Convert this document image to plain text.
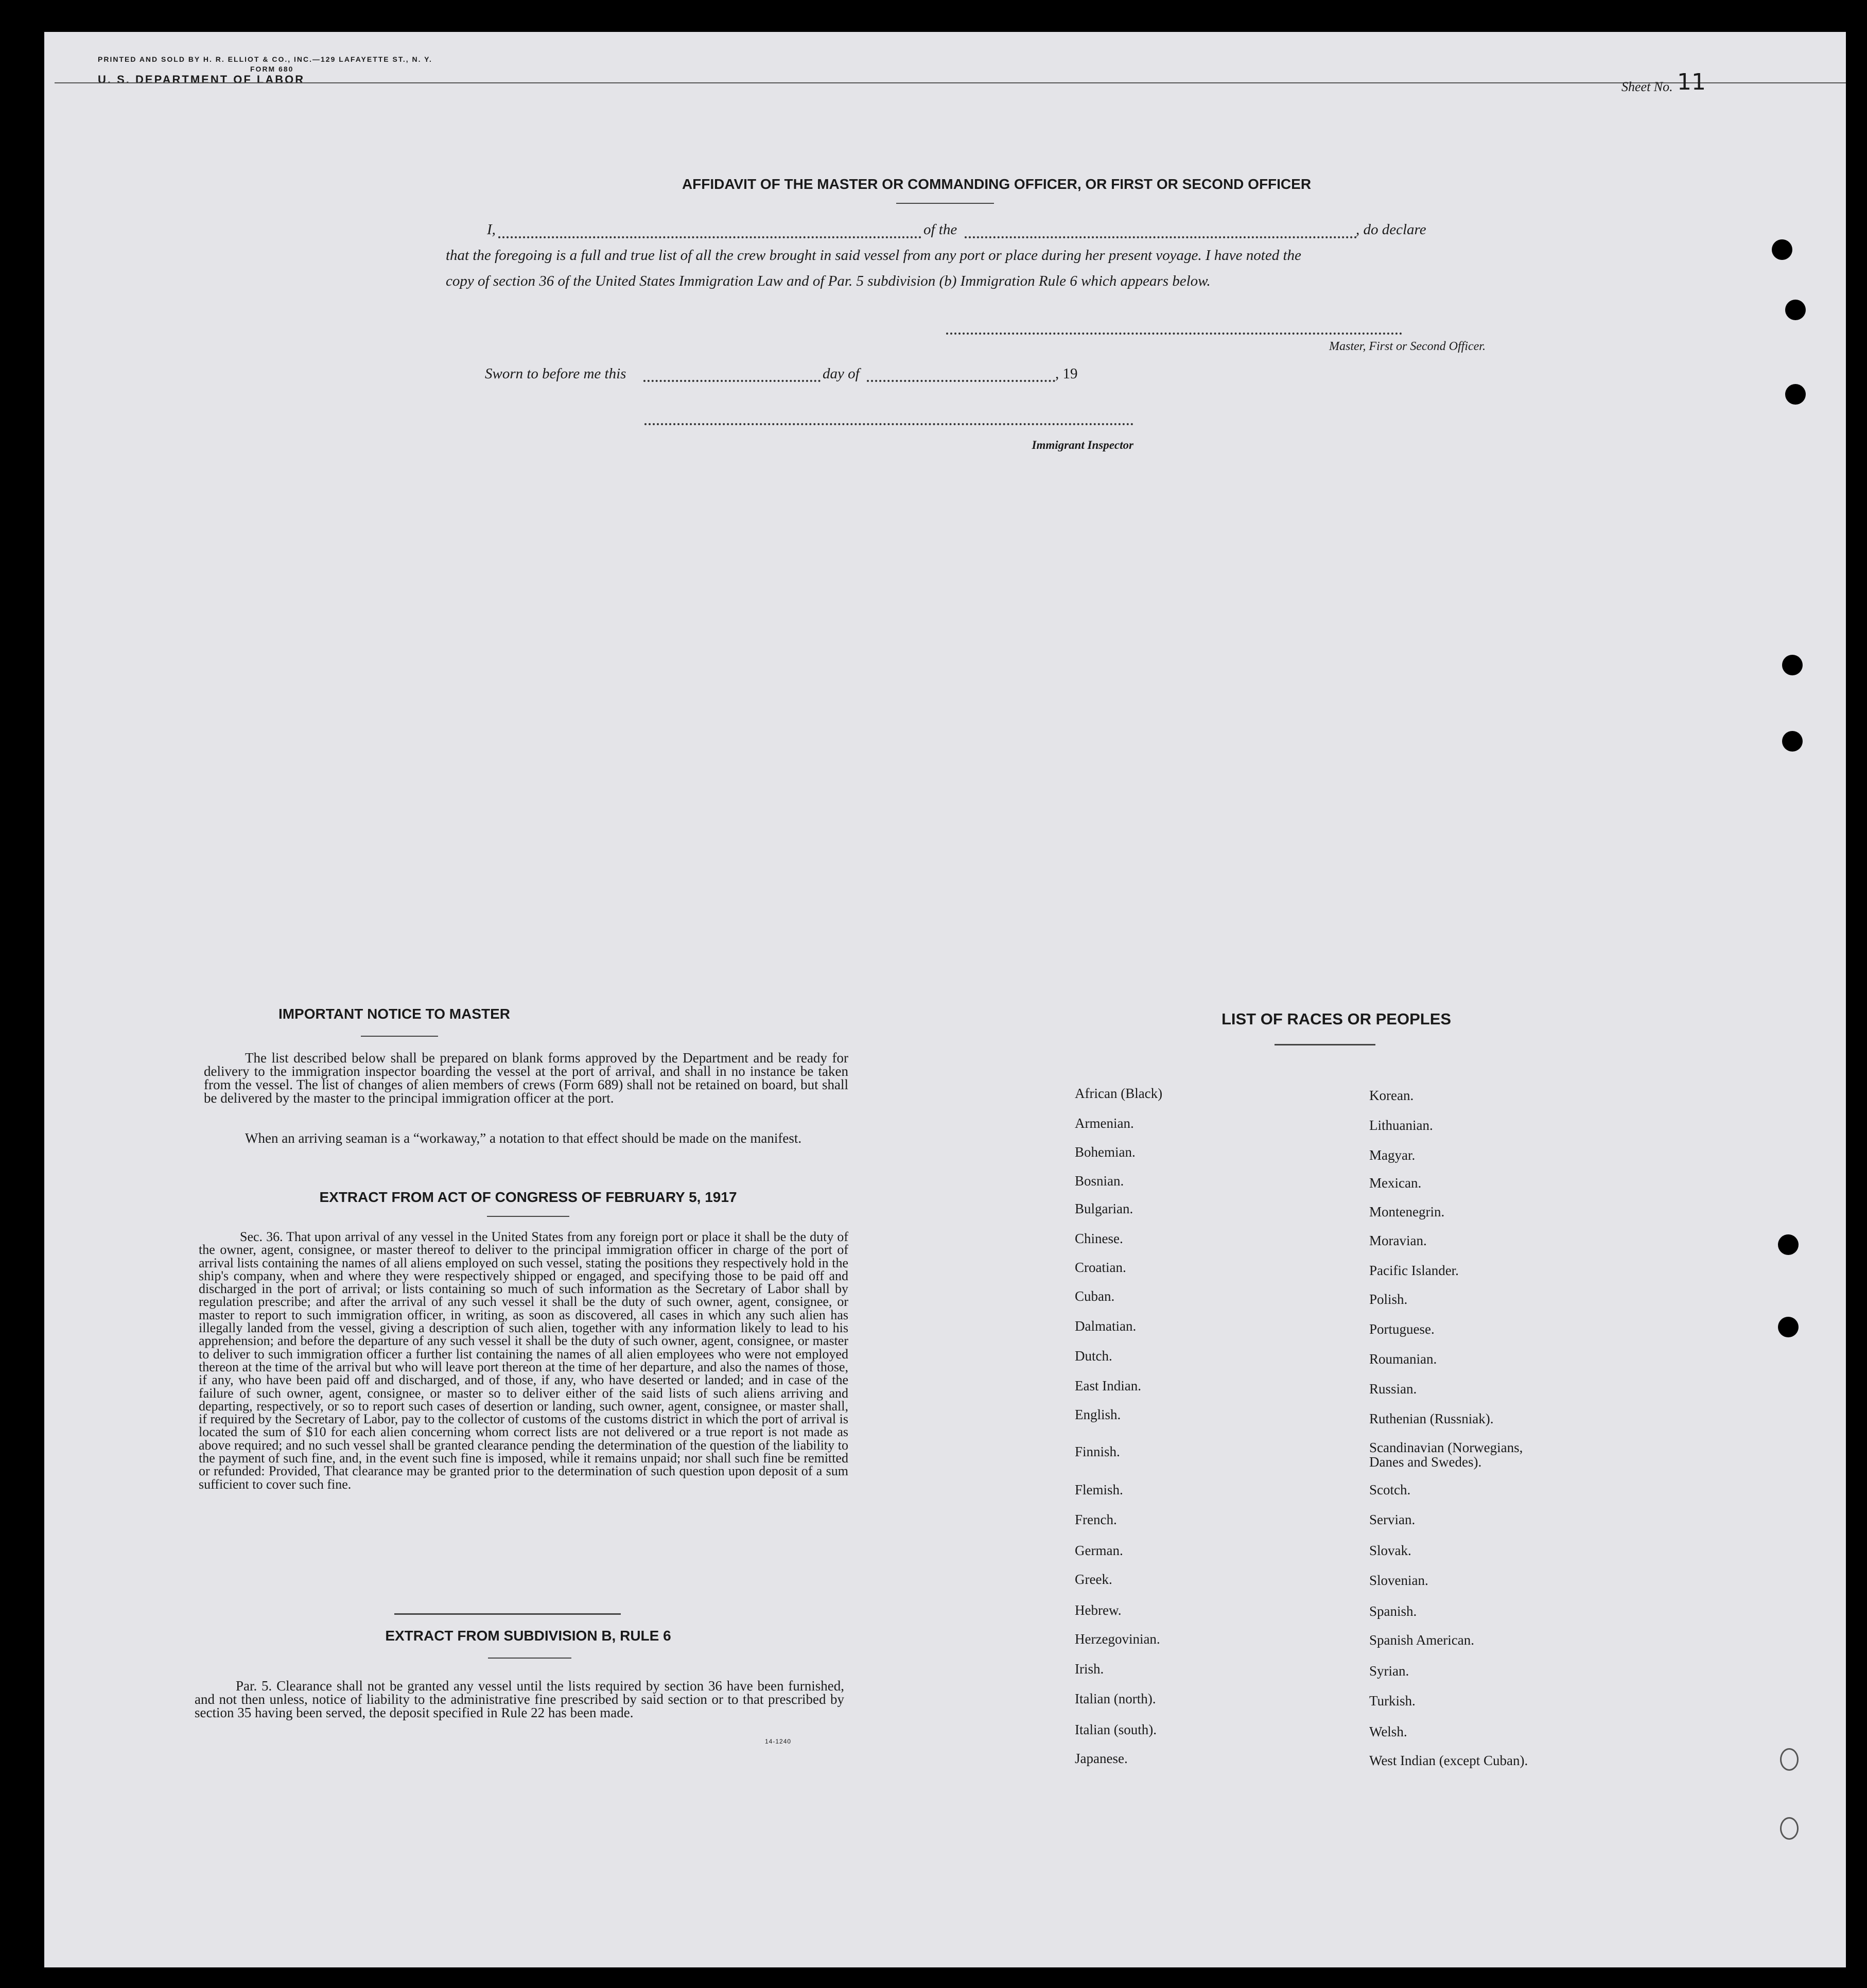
PRINTED AND SOLD BY H. R. ELLIOT & CO., INC.—129 LAFAYETTE ST., N. Y.
FORM 680
U. S. DEPARTMENT OF LABOR	Sheet No. 11
AFFIDAVIT OF THE MASTER OR COMMANDING OFFICER, OR FIRST OR SECOND OFFICER
I,	of the	, do declare
that the foregoing is a full and true list of all the crew brought in said vessel from any port or place during her present voyage. I have noted the
copy of section 36 of the United States Immigration Law and of Par. 5 subdivision (b) Immigration Rule 6 which appears below.
Master, First or Second Officer.
Sworn to before me this	day of	, 19
Immigrant Inspector
IMPORTANT NOTICE TO MASTER
The list described below shall be prepared on blank forms approved by the Department and be ready for delivery to the immigration inspector boarding the vessel at the port of arrival, and shall in no instance be taken from the vessel. The list of changes of alien members of crews (Form 689) shall not be retained on board, but shall be delivered by the master to the principal immigration officer at the port.
When an arriving seaman is a “workaway,” a notation to that effect should be made on the manifest.
EXTRACT FROM ACT OF CONGRESS OF FEBRUARY 5, 1917
Sec. 36. That upon arrival of any vessel in the United States from any foreign port or place it shall be the duty of the owner, agent, consignee, or master thereof to deliver to the principal immigration officer in charge of the port of arrival lists containing the names of all aliens employed on such vessel, stating the positions they respectively hold in the ship's company, when and where they were respectively shipped or engaged, and specifying those to be paid off and discharged in the port of arrival; or lists containing so much of such information as the Secretary of Labor shall by regulation prescribe; and after the arrival of any such vessel it shall be the duty of such owner, agent, consignee, or master to report to such immigration officer, in writing, as soon as discovered, all cases in which any such alien has illegally landed from the vessel, giving a description of such alien, together with any information likely to lead to his apprehension; and before the departure of any such vessel it shall be the duty of such owner, agent, consignee, or master to deliver to such immigration officer a further list containing the names of all alien employees who were not employed thereon at the time of the arrival but who will leave port thereon at the time of her departure, and also the names of those, if any, who have been paid off and discharged, and of those, if any, who have deserted or landed; and in case of the failure of such owner, agent, consignee, or master so to deliver either of the said lists of such aliens arriving and departing, respectively, or so to report such cases of desertion or landing, such owner, agent, consignee, or master shall, if required by the Secretary of Labor, pay to the collector of customs of the customs district in which the port of arrival is located the sum of $10 for each alien concerning whom correct lists are not delivered or a true report is not made as above required; and no such vessel shall be granted clearance pending the determination of the question of the liability to the payment of such fine, and, in the event such fine is imposed, while it remains unpaid; nor shall such fine be remitted or refunded: Provided, That clearance may be granted prior to the determination of such question upon deposit of a sum sufficient to cover such fine.
EXTRACT FROM SUBDIVISION B, RULE 6
Par. 5. Clearance shall not be granted any vessel until the lists required by section 36 have been furnished, and not then unless, notice of liability to the administrative fine prescribed by said section or to that prescribed by section 35 having been served, the deposit specified in Rule 22 has been made.
14-1240
LIST OF RACES OR PEOPLES
African (Black)
Armenian.
Bohemian.
Bosnian.
Bulgarian.
Chinese.
Croatian.
Cuban.
Dalmatian.
Dutch.
East Indian.
English.
Finnish.
Flemish.
French.
German.
Greek.
Hebrew.
Herzegovinian.
Irish.
Italian (north).
Italian (south).
Japanese.
Korean.
Lithuanian.
Magyar.
Mexican.
Montenegrin.
Moravian.
Pacific Islander.
Polish.
Portuguese.
Roumanian.
Russian.
Ruthenian (Russniak).
Scandinavian (Norwegians,
Danes and Swedes).
Scotch.
Servian.
Slovak.
Slovenian.
Spanish.
Spanish American.
Syrian.
Turkish.
Welsh.
West Indian (except Cuban).
